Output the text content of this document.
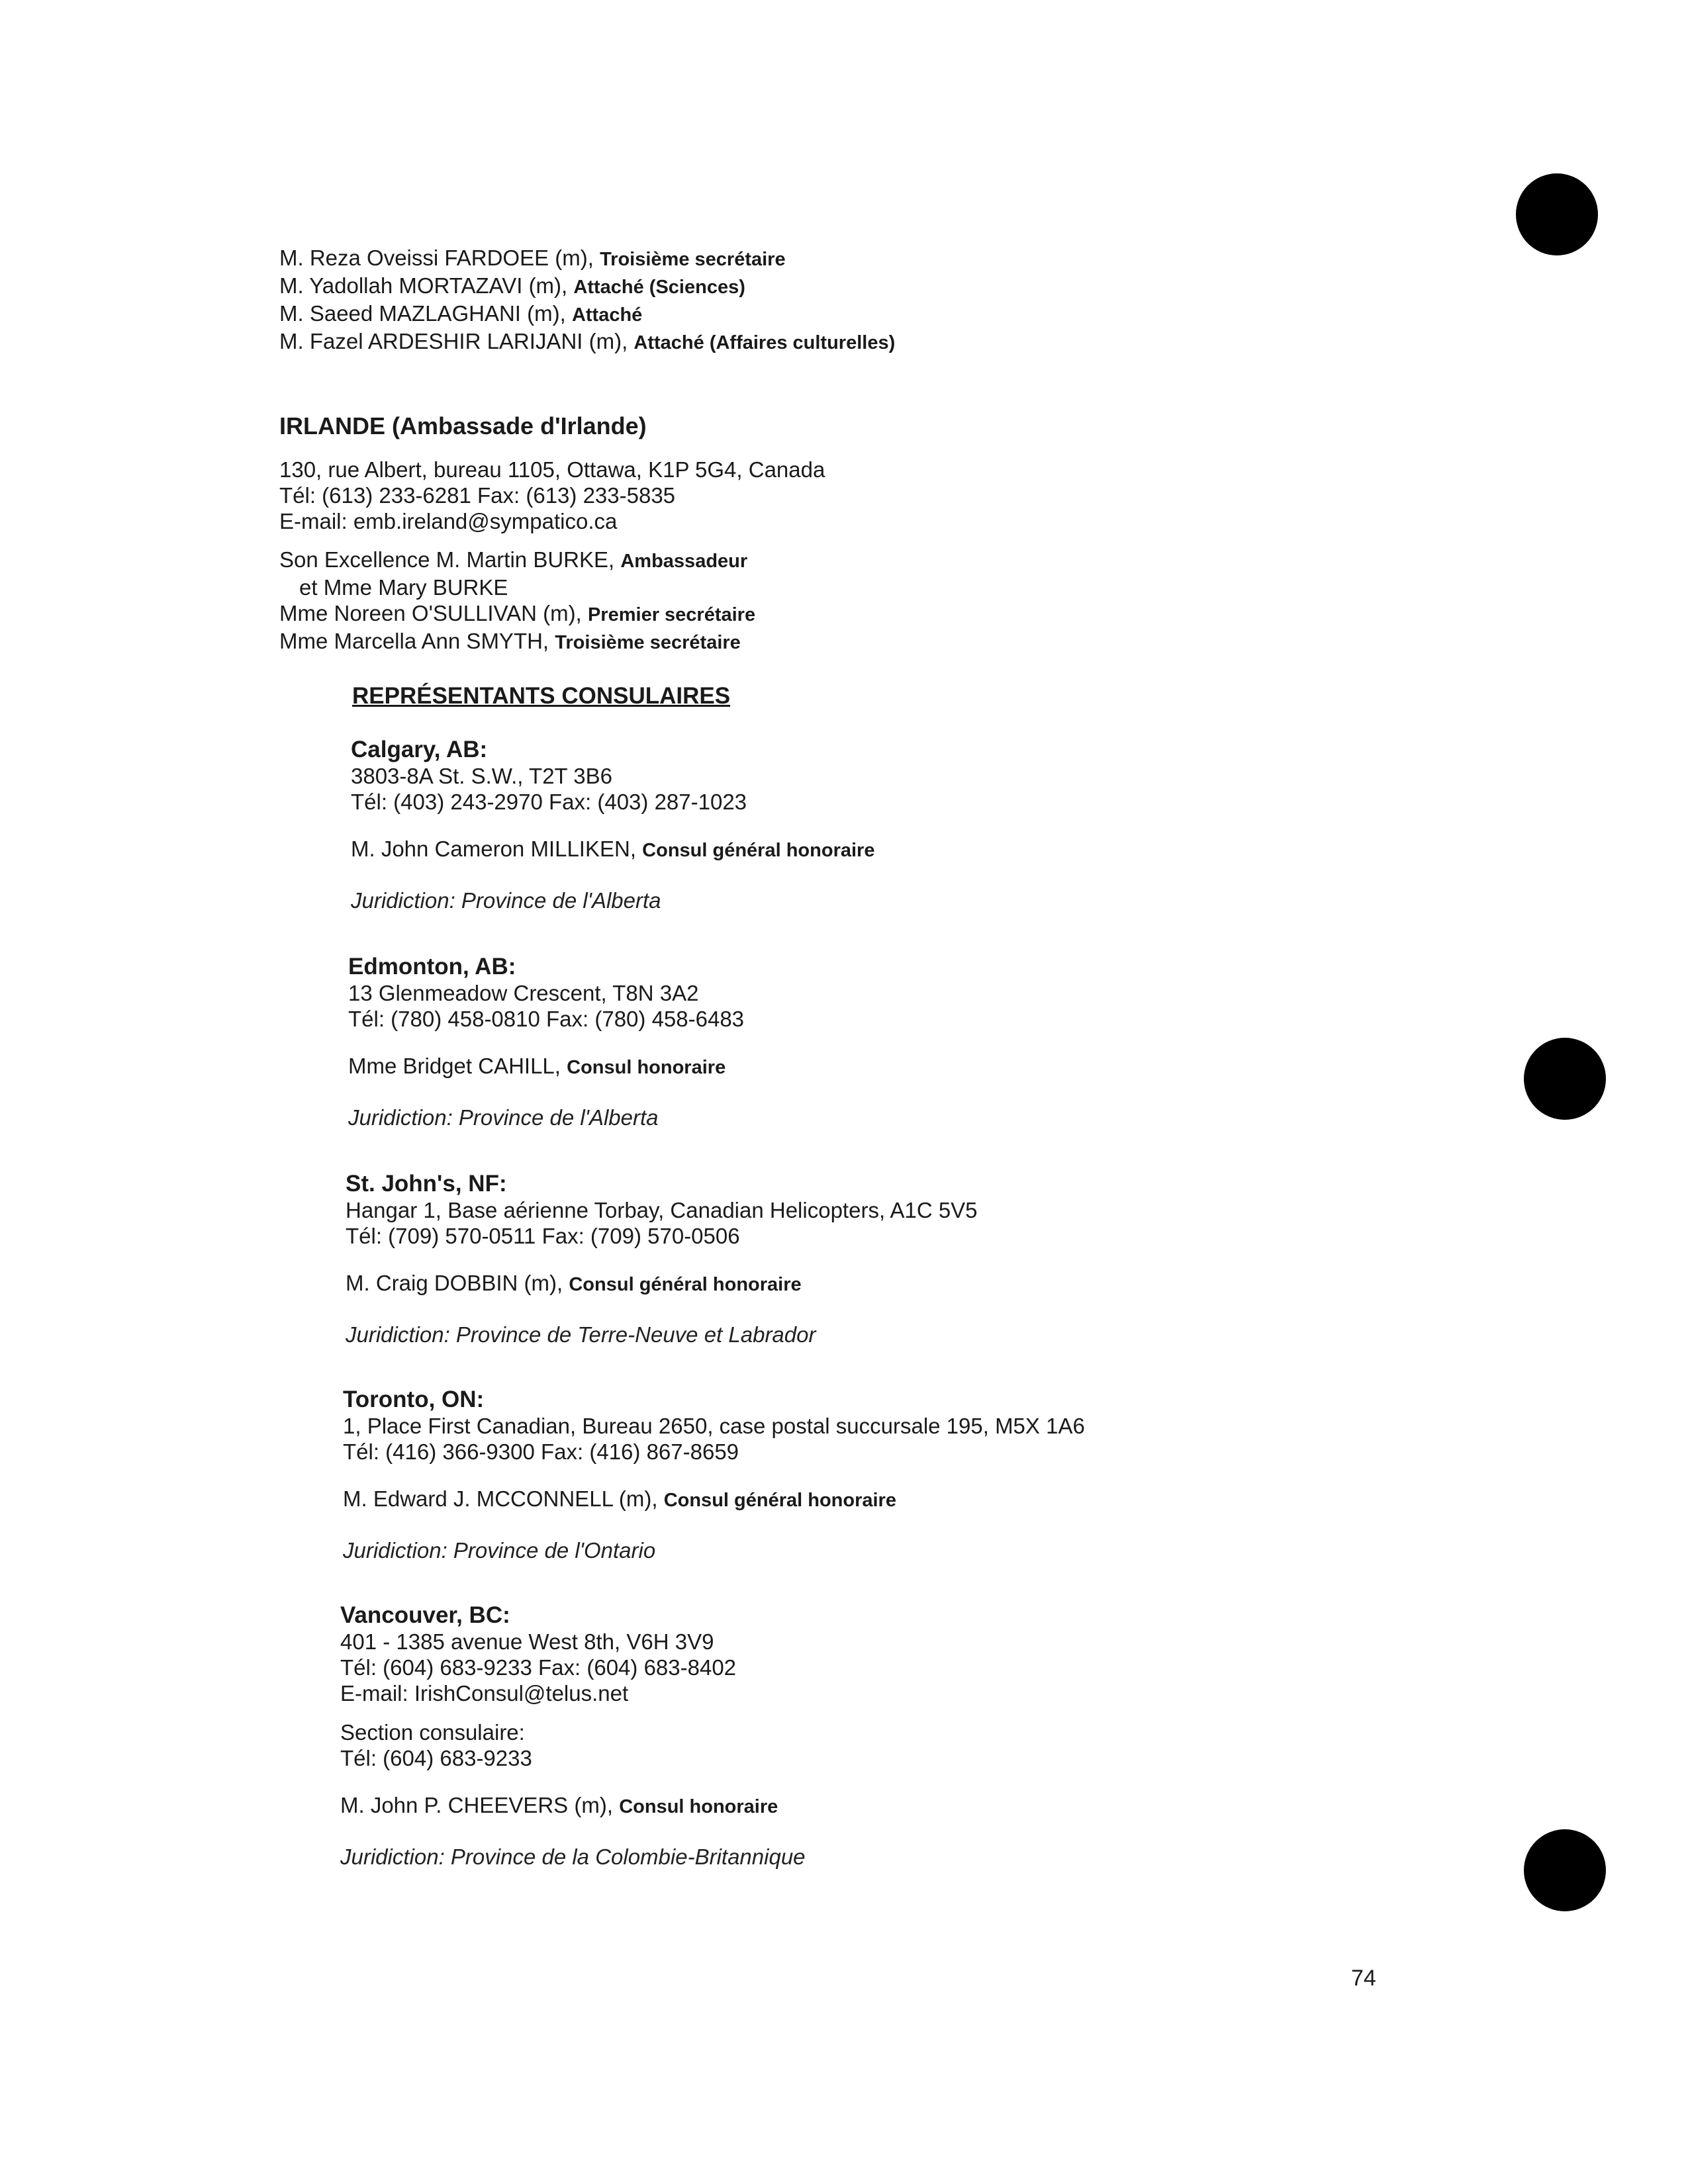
M. Reza Oveissi FARDOEE (m), Troisième secrétaire
M. Yadollah MORTAZAVI (m), Attaché (Sciences)
M. Saeed MAZLAGHANI (m), Attaché
M. Fazel ARDESHIR LARIJANI (m), Attaché (Affaires culturelles)
IRLANDE (Ambassade d'Irlande)
130, rue Albert, bureau 1105, Ottawa, K1P 5G4, Canada
Tél: (613) 233-6281 Fax: (613) 233-5835
E-mail: emb.ireland@sympatico.ca
Son Excellence M. Martin BURKE, Ambassadeur
et Mme Mary BURKE
Mme Noreen O'SULLIVAN (m), Premier secrétaire
Mme Marcella Ann SMYTH, Troisième secrétaire
REPRÉSENTANTS CONSULAIRES
Calgary, AB:
3803-8A St. S.W., T2T 3B6
Tél: (403) 243-2970 Fax: (403) 287-1023
M. John Cameron MILLIKEN, Consul général honoraire
Juridiction: Province de l'Alberta
Edmonton, AB:
13 Glenmeadow Crescent, T8N 3A2
Tél: (780) 458-0810 Fax: (780) 458-6483
Mme Bridget CAHILL, Consul honoraire
Juridiction: Province de l'Alberta
St. John's, NF:
Hangar 1, Base aérienne Torbay, Canadian Helicopters, A1C 5V5
Tél: (709) 570-0511 Fax: (709) 570-0506
M. Craig DOBBIN (m), Consul général honoraire
Juridiction: Province de Terre-Neuve et Labrador
Toronto, ON:
1, Place First Canadian, Bureau 2650, case postal succursale 195, M5X 1A6
Tél: (416) 366-9300 Fax: (416) 867-8659
M. Edward J. MCCONNELL (m), Consul général honoraire
Juridiction: Province de l'Ontario
Vancouver, BC:
401 - 1385 avenue West 8th, V6H 3V9
Tél: (604) 683-9233 Fax: (604) 683-8402
E-mail: IrishConsul@telus.net
Section consulaire:
Tél: (604) 683-9233
M. John P. CHEEVERS (m), Consul honoraire
Juridiction: Province de la Colombie-Britannique
74
